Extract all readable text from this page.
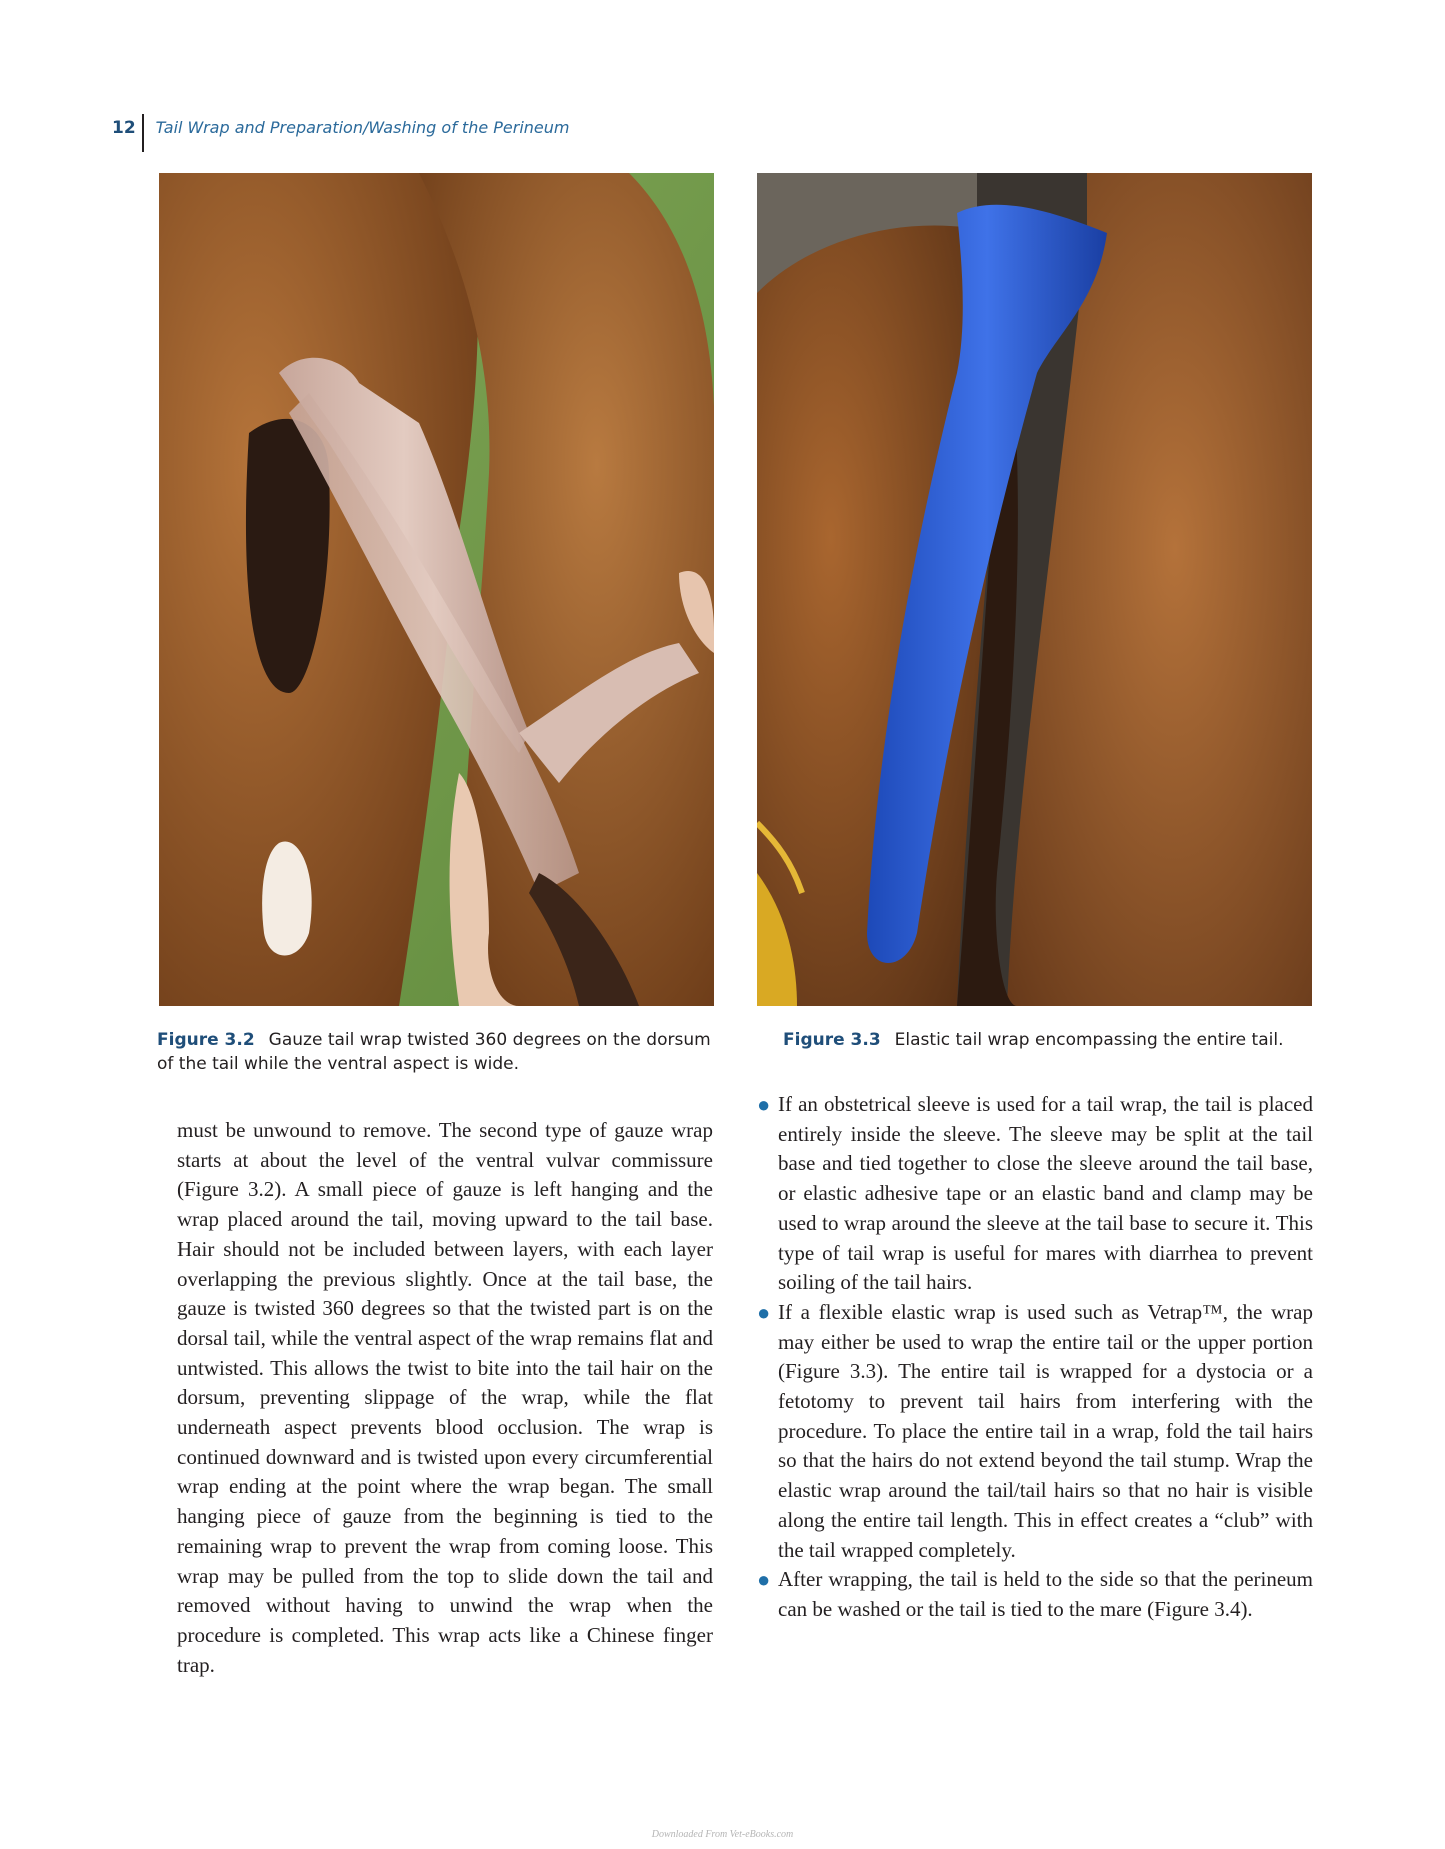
12 Tail Wrap and Preparation/Washing of the Perineum
Figure 3.2 Gauze tail wrap twisted 360 degrees on the dorsum of the tail while the ventral aspect is wide.
Figure 3.3 Elastic tail wrap encompassing the entire tail.

must be unwound to remove. The second type of gauze wrap starts at about the level of the ventral vulvar commissure (Figure 3.2). A small piece of gauze is left hanging and the wrap placed around the tail, moving upward to the tail base. Hair should not be included between layers, with each layer overlapping the previous slightly. Once at the tail base, the gauze is twisted 360 degrees so that the twisted part is on the dorsal tail, while the ventral aspect of the wrap remains flat and untwisted. This allows the twist to bite into the tail hair on the dorsum, preventing slippage of the wrap, while the flat underneath aspect prevents blood occlusion. The wrap is continued downward and is twisted upon every circumferential wrap ending at the point where the wrap began. The small hanging piece of gauze from the beginning is tied to the remaining wrap to prevent the wrap from coming loose. This wrap may be pulled from the top to slide down the tail and removed without having to unwind the wrap when the procedure is completed. This wrap acts like a Chinese finger trap.

● If an obstetrical sleeve is used for a tail wrap, the tail is placed entirely inside the sleeve. The sleeve may be split at the tail base and tied together to close the sleeve around the tail base, or elastic adhesive tape or an elastic band and clamp may be used to wrap around the sleeve at the tail base to secure it. This type of tail wrap is useful for mares with diarrhea to prevent soiling of the tail hairs.
● If a flexible elastic wrap is used such as Vetrap™, the wrap may either be used to wrap the entire tail or the upper portion (Figure 3.3). The entire tail is wrapped for a dystocia or a fetotomy to prevent tail hairs from interfering with the procedure. To place the entire tail in a wrap, fold the tail hairs so that the hairs do not extend beyond the tail stump. Wrap the elastic wrap around the tail/tail hairs so that no hair is visible along the entire tail length. This in effect creates a “club” with the tail wrapped completely.
● After wrapping, the tail is held to the side so that the perineum can be washed or the tail is tied to the mare (Figure 3.4).
Downloaded From Vet-eBooks.com
